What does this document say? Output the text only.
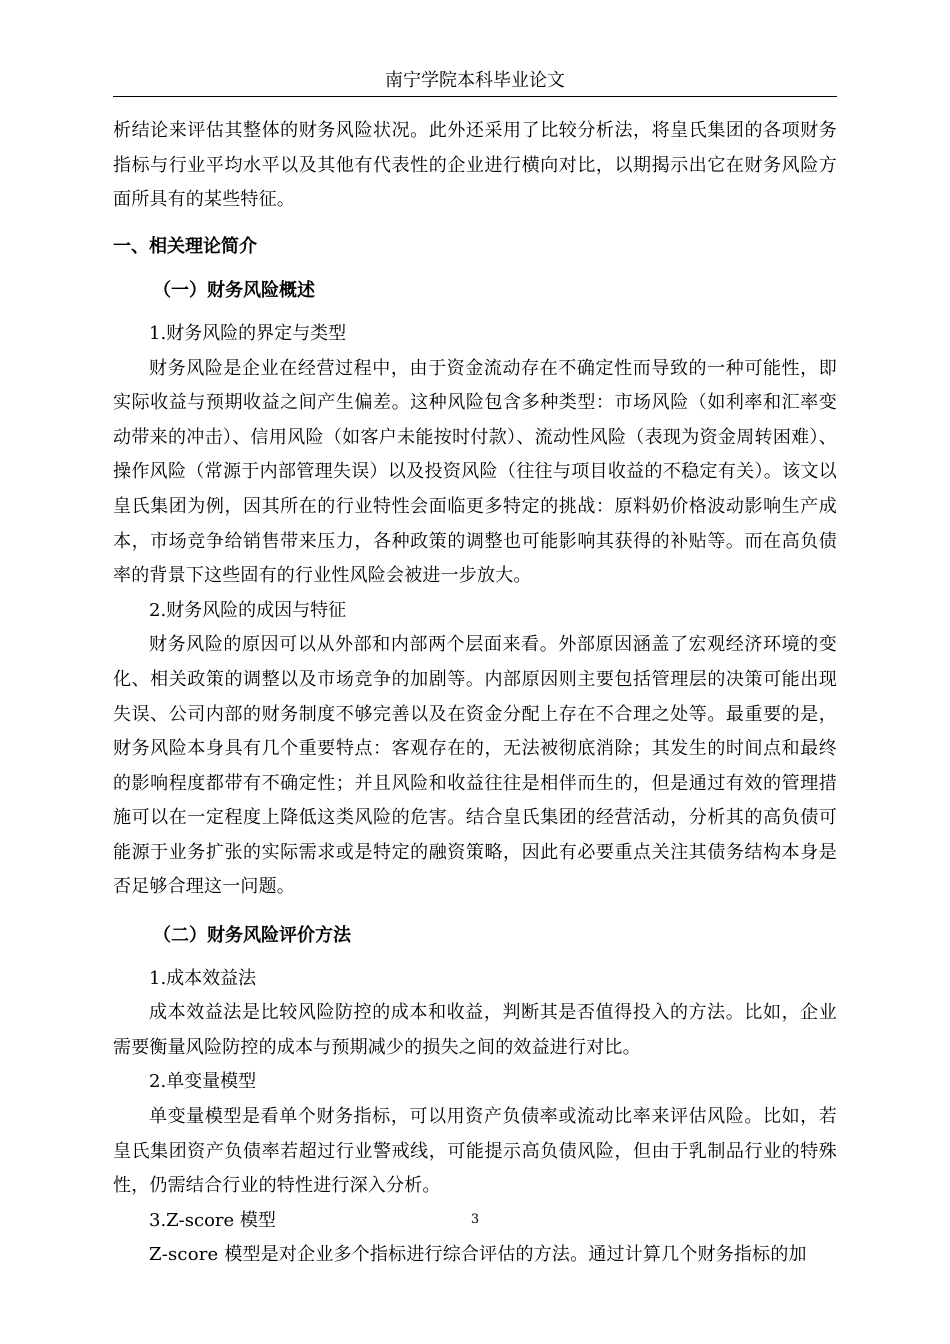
南宁学院本科毕业论文

析结论来评估其整体的财务风险状况。此外还采用了比较分析法，将皇氏集团的各项财务指标与行业平均水平以及其他有代表性的企业进行横向对比，以期揭示出它在财务风险方面所具有的某些特征。

一、相关理论简介
（一）财务风险概述

1.财务风险的界定与类型

财务风险是企业在经营过程中，由于资金流动存在不确定性而导致的一种可能性，即实际收益与预期收益之间产生偏差。这种风险包含多种类型：市场风险（如利率和汇率变动带来的冲击）、信用风险（如客户未能按时付款）、流动性风险（表现为资金周转困难）、操作风险（常源于内部管理失误）以及投资风险（往往与项目收益的不稳定有关）。该文以皇氏集团为例，因其所在的行业特性会面临更多特定的挑战：原料奶价格波动影响生产成本，市场竞争给销售带来压力，各种政策的调整也可能影响其获得的补贴等。而在高负债率的背景下这些固有的行业性风险会被进一步放大。

2.财务风险的成因与特征

财务风险的原因可以从外部和内部两个层面来看。外部原因涵盖了宏观经济环境的变化、相关政策的调整以及市场竞争的加剧等。内部原因则主要包括管理层的决策可能出现失误、公司内部的财务制度不够完善以及在资金分配上存在不合理之处等。最重要的是，财务风险本身具有几个重要特点：客观存在的，无法被彻底消除；其发生的时间点和最终的影响程度都带有不确定性；并且风险和收益往往是相伴而生的，但是通过有效的管理措施可以在一定程度上降低这类风险的危害。结合皇氏集团的经营活动，分析其的高负债可能源于业务扩张的实际需求或是特定的融资策略，因此有必要重点关注其债务结构本身是否足够合理这一问题。

（二）财务风险评价方法

1.成本效益法

成本效益法是比较风险防控的成本和收益，判断其是否值得投入的方法。比如，企业需要衡量风险防控的成本与预期减少的损失之间的效益进行对比。

2.单变量模型

单变量模型是看单个财务指标，可以用资产负债率或流动比率来评估风险。比如，若皇氏集团资产负债率若超过行业警戒线，可能提示高负债风险，但由于乳制品行业的特殊性，仍需结合行业的特性进行深入分析。

3.Z-score 模型

Z-score 模型是对企业多个指标进行综合评估的方法。通过计算几个财务指标的加

3
